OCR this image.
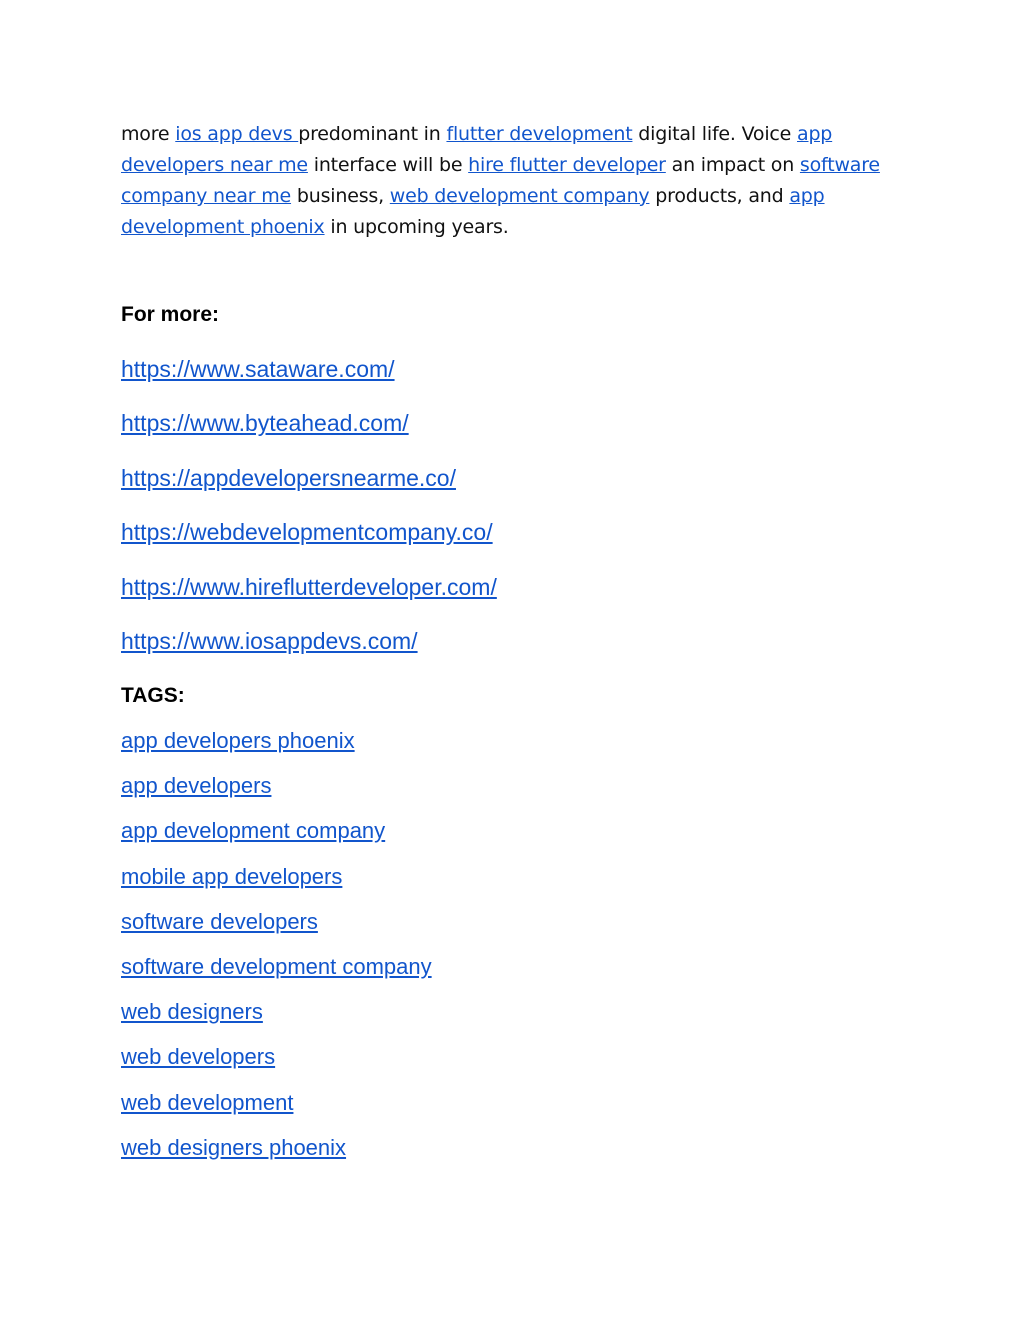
more ios app devs predominant in flutter development digital life. Voice app developers near me interface will be hire flutter developer an impact on software company near me business, web development company products, and app development phoenix in upcoming years.

For more:
https://www.sataware.com/
https://www.byteahead.com/
https://appdevelopersnearme.co/
https://webdevelopmentcompany.co/
https://www.hireflutterdeveloper.com/
https://www.iosappdevs.com/
TAGS:
app developers phoenix
app developers
app development company
mobile app developers
software developers
software development company
web designers
web developers
web development
web designers phoenix
